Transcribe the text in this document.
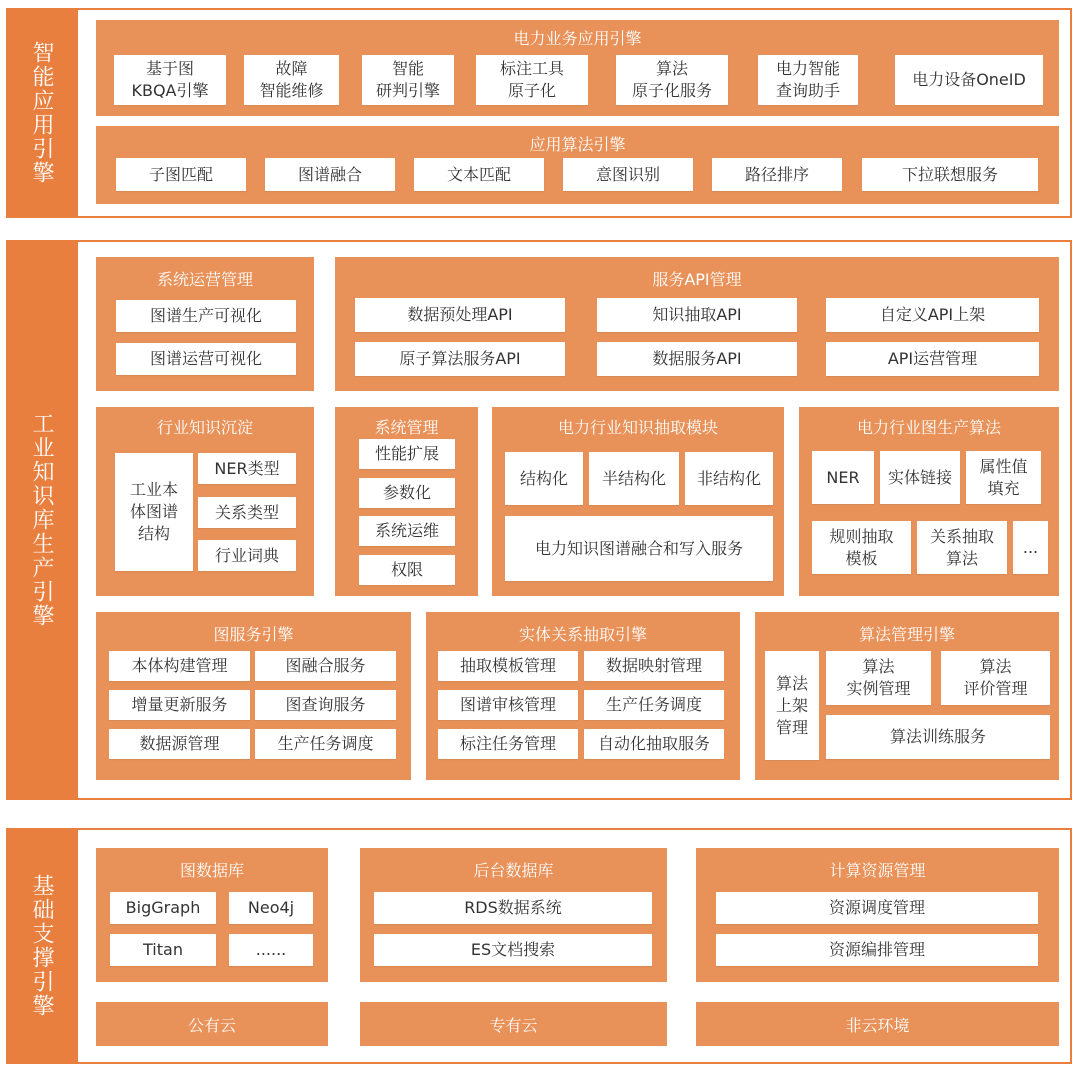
智能应用引擎
电力业务应用引擎
基于图
KBQA引擎
故障
智能维修
智能
研判引擎
标注工具
原子化
算法
原子化服务
电力智能
查询助手
电力设备OneID
应用算法引擎
子图匹配	图谱融合	文本匹配	意图识别	路径排序	下拉联想服务
工业知识库生产引擎
系统运营管理
图谱生产可视化
图谱运营可视化
服务API管理
数据预处理API	知识抽取API	自定义API上架
原子算法服务API	数据服务API	API运营管理
行业知识沉淀
工业本
体图谱
结构
NER类型
关系类型
行业词典
系统管理
性能扩展
参数化
系统运维
权限
电力行业知识抽取模块
结构化	半结构化	非结构化
电力知识图谱融合和写入服务
电力行业图生产算法
NER	实体链接
属性值
填充
规则抽取
模板
关系抽取
算法
...
图服务引擎
本体构建管理	图融合服务
增量更新服务	图查询服务
数据源管理	生产任务调度
实体关系抽取引擎
抽取模板管理	数据映射管理
图谱审核管理	生产任务调度
标注任务管理	自动化抽取服务
算法管理引擎
算法
上架
管理
算法
实例管理
算法
评价管理
算法训练服务
基础支撑引擎
图数据库
BigGraph	Neo4j
Titan	......
后台数据库
RDS数据系统
ES文档搜索
计算资源管理
资源调度管理
资源编排管理
公有云	专有云	非云环境
